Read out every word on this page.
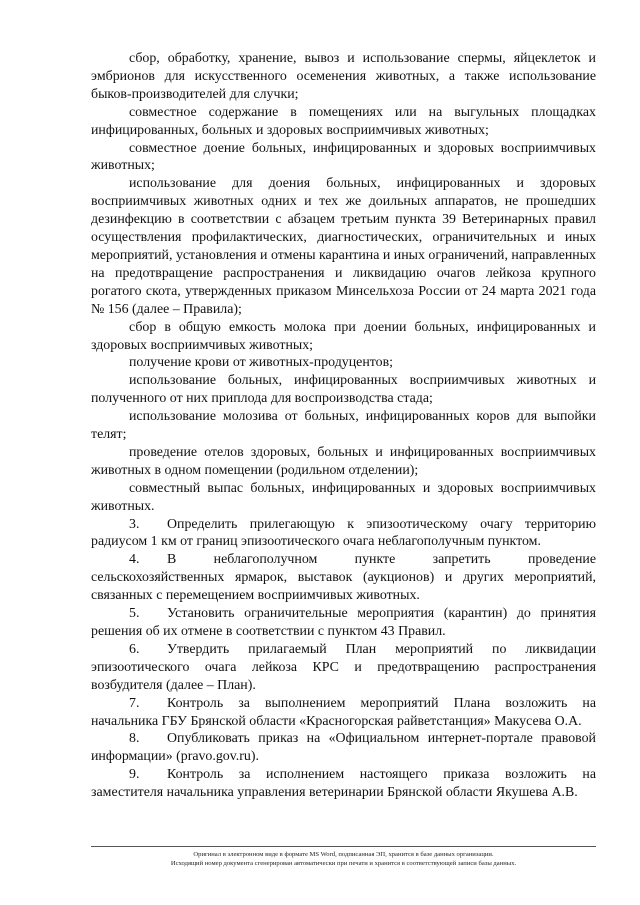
сбор, обработку, хранение, вывоз и использование спермы, яйцеклеток и эмбрионов для искусственного осеменения животных, а также использование быков-производителей для случки;

совместное содержание в помещениях или на выгульных площадках инфицированных, больных и здоровых восприимчивых животных;

совместное доение больных, инфицированных и здоровых восприимчивых животных;

использование для доения больных, инфицированных и здоровых восприимчивых животных одних и тех же доильных аппаратов, не прошедших дезинфекцию в соответствии с абзацем третьим пункта 39 Ветеринарных правил осуществления профилактических, диагностических, ограничительных и иных мероприятий, установления и отмены карантина и иных ограничений, направленных на предотвращение распространения и ликвидацию очагов лейкоза крупного рогатого скота, утвержденных приказом Минсельхоза России от 24 марта 2021 года № 156 (далее – Правила);

сбор в общую емкость молока при доении больных, инфицированных и здоровых восприимчивых животных;

получение крови от животных-продуцентов;

использование больных, инфицированных восприимчивых животных и полученного от них приплода для воспроизводства стада;

использование молозива от больных, инфицированных коров для выпойки телят;

проведение отелов здоровых, больных и инфицированных восприимчивых животных в одном помещении (родильном отделении);

совместный выпас больных, инфицированных и здоровых восприимчивых животных.

3. Определить прилегающую к эпизоотическому очагу территорию радиусом 1 км от границ эпизоотического очага неблагополучным пунктом.

4. В неблагополучном пункте запретить проведение сельскохозяйственных ярмарок, выставок (аукционов) и других мероприятий, связанных с перемещением восприимчивых животных.

5. Установить ограничительные мероприятия (карантин) до принятия решения об их отмене в соответствии с пунктом 43 Правил.

6. Утвердить прилагаемый План мероприятий по ликвидации эпизоотического очага лейкоза КРС и предотвращению распространения возбудителя (далее – План).

7. Контроль за выполнением мероприятий Плана возложить на начальника ГБУ Брянской области «Красногорская райветстанция» Макусева О.А.

8. Опубликовать приказ на «Официальном интернет-портале правовой информации» (pravo.gov.ru).

9. Контроль за исполнением настоящего приказа возложить на заместителя начальника управления ветеринарии Брянской области Якушева А.В.

Оригинал в электронном виде в формате MS Word, подписанная ЭП, хранится в базе данных организации.
Исходящий номер документа сгенерирован автоматически при печати и хранится в соответствующей записи базы данных.
